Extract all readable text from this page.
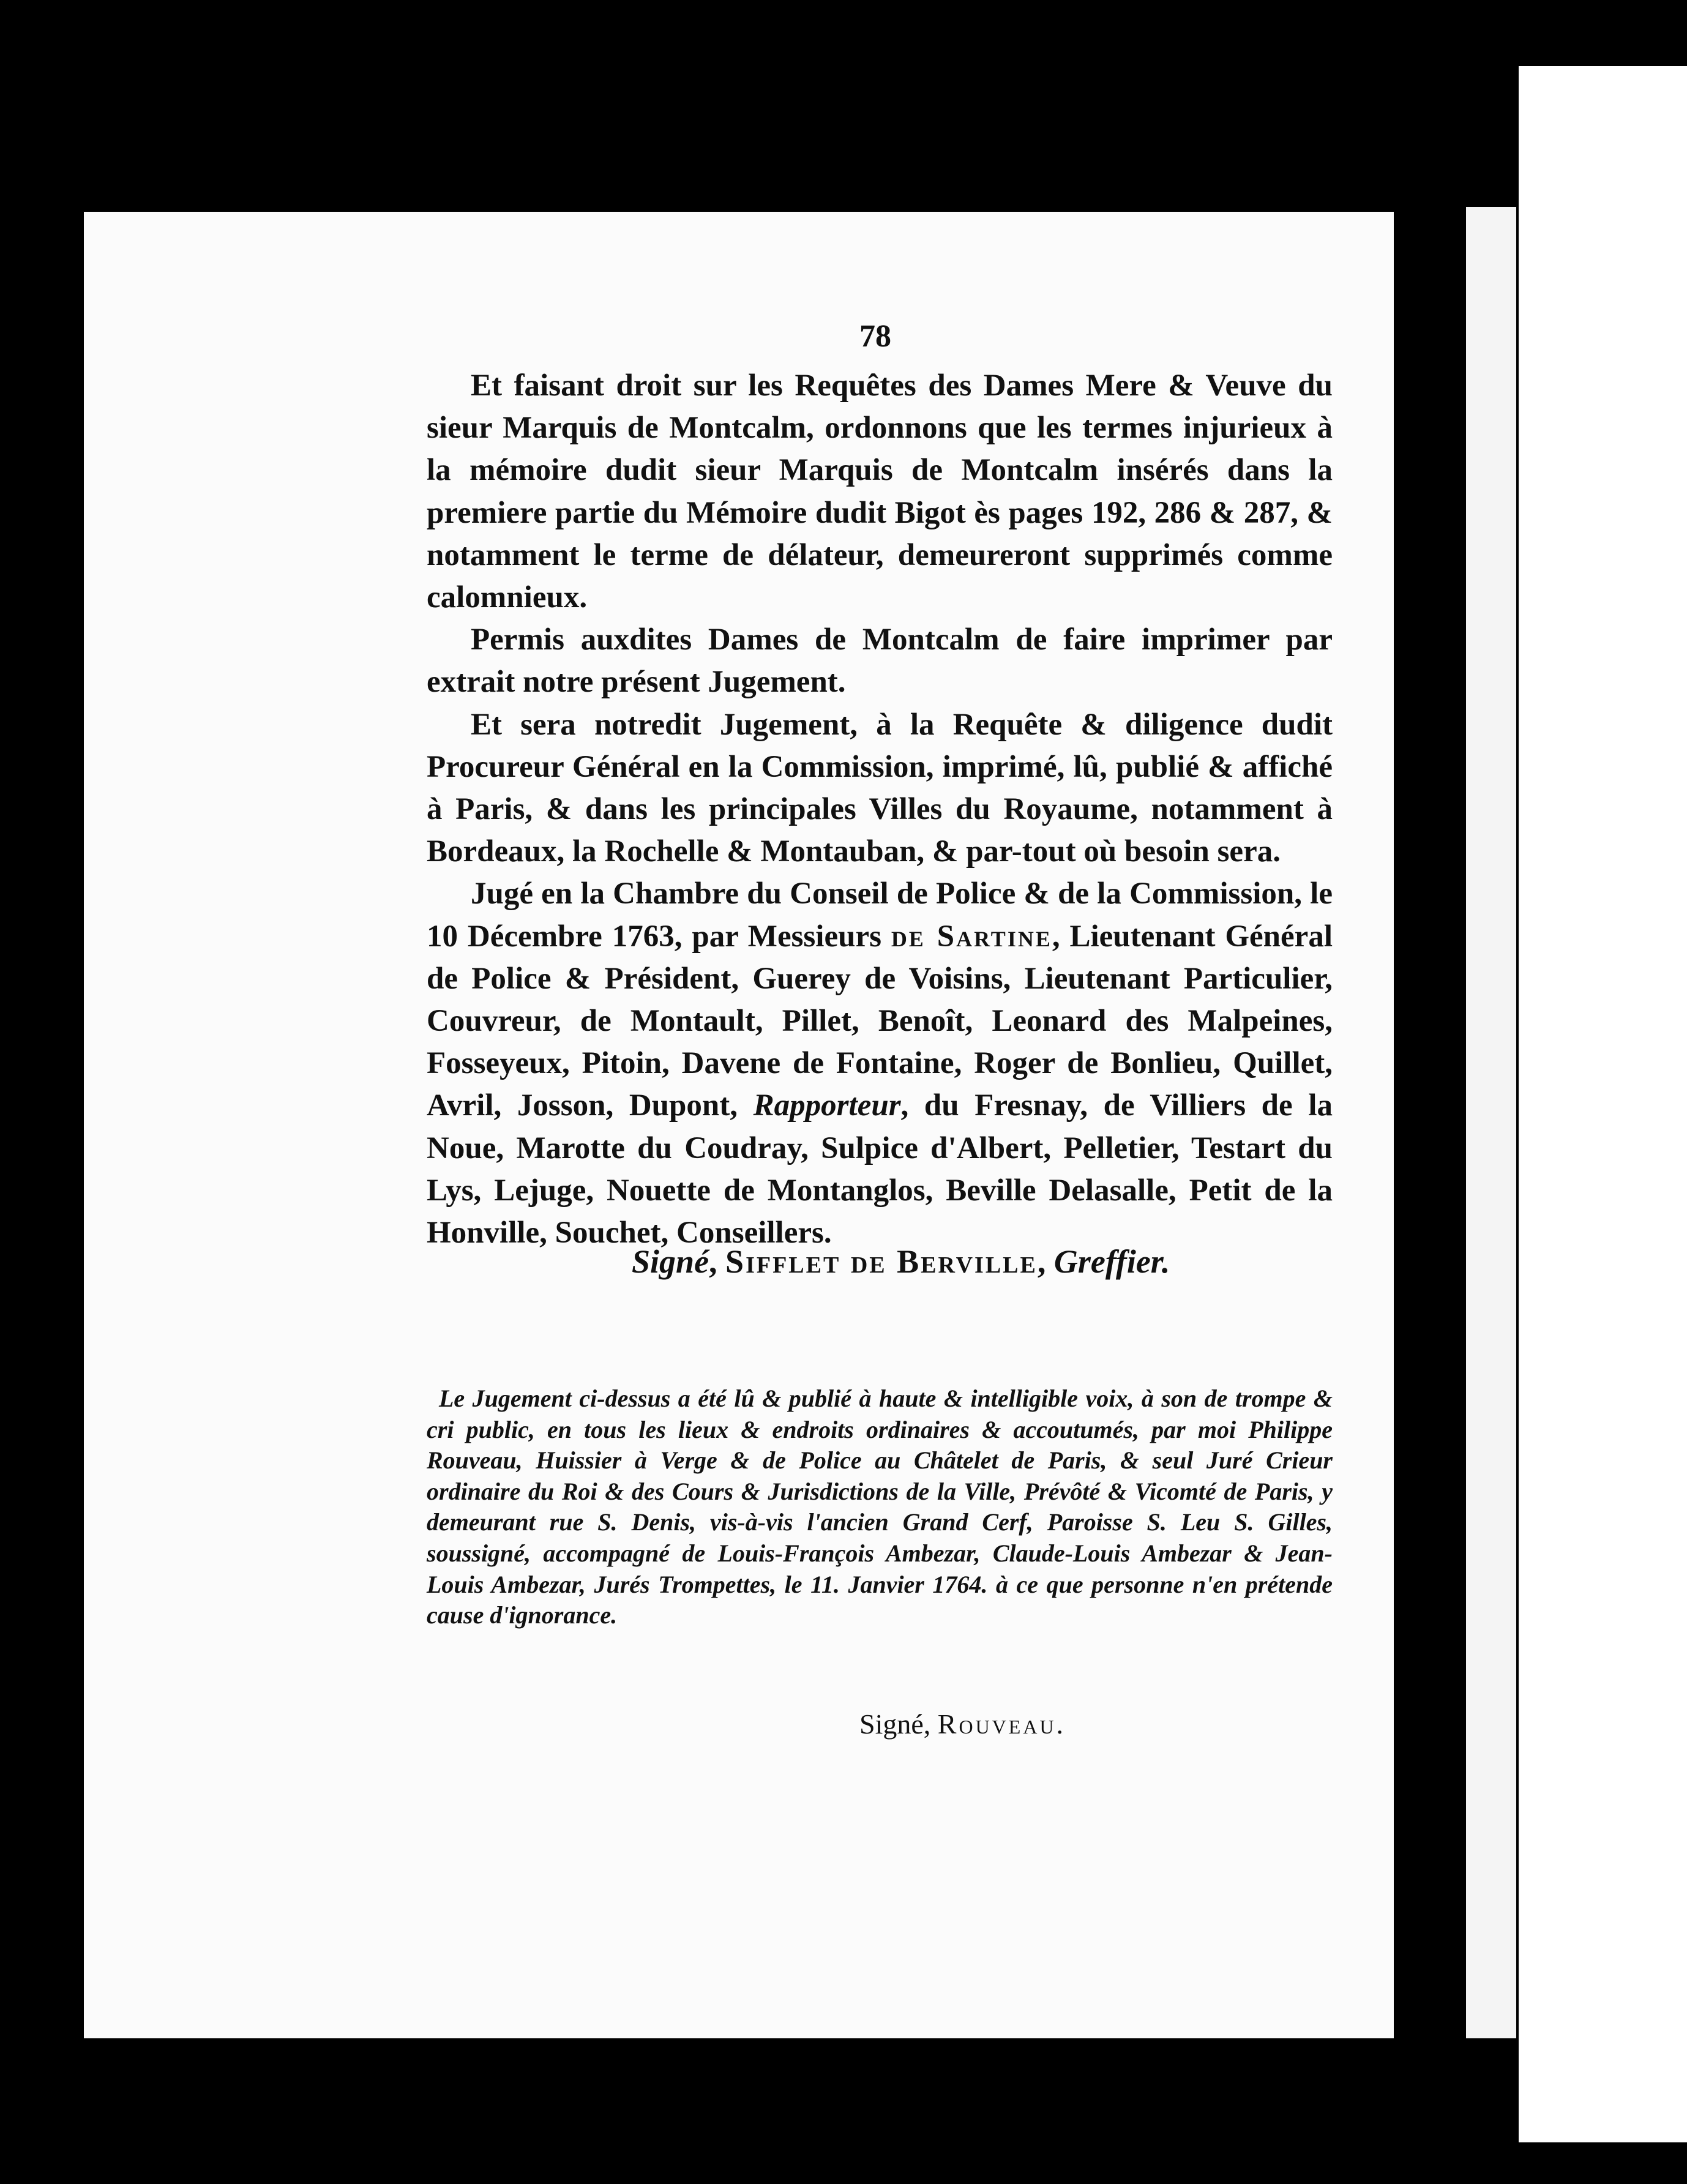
78

Et faisant droit sur les Requêtes des Dames Mere & Veuve du sieur Marquis de Montcalm, ordonnons que les termes injurieux à la mémoire dudit sieur Marquis de Montcalm insérés dans la premiere partie du Mémoire dudit Bigot ès pages 192, 286 & 287, & notamment le terme de délateur, demeureront supprimés comme calomnieux.

Permis auxdites Dames de Montcalm de faire imprimer par extrait notre présent Jugement.

Et sera notredit Jugement, à la Requête & diligence dudit Procureur Général en la Commission, imprimé, lû, publié & affiché à Paris, & dans les principales Villes du Royaume, notamment à Bordeaux, la Rochelle & Montauban, & par-tout où besoin sera.

Jugé en la Chambre du Conseil de Police & de la Commission, le 10 Décembre 1763, par Messieurs de Sartine, Lieutenant Général de Police & Président, Guerey de Voisins, Lieutenant Particulier, Couvreur, de Montault, Pillet, Benoît, Leonard des Malpeines, Fosseyeux, Pitoin, Davene de Fontaine, Roger de Bonlieu, Quillet, Avril, Josson, Dupont, Rapporteur, du Fresnay, de Villiers de la Noue, Marotte du Coudray, Sulpice d'Albert, Pelletier, Testart du Lys, Lejuge, Nouette de Montanglos, Beville Delasalle, Petit de la Honville, Souchet, Conseillers.

Signé, Sifflet de Berville, Greffier.

Le Jugement ci-dessus a été lû & publié à haute & intelligible voix, à son de trompe & cri public, en tous les lieux & endroits ordinaires & accoutumés, par moi Philippe Rouveau, Huissier à Verge & de Police au Châtelet de Paris, & seul Juré Crieur ordinaire du Roi & des Cours & Jurisdictions de la Ville, Prévôté & Vicomté de Paris, y demeurant rue S. Denis, vis-à-vis l'ancien Grand Cerf, Paroisse S. Leu S. Gilles, soussigné, accompagné de Louis-François Ambezar, Claude-Louis Ambezar & Jean-Louis Ambezar, Jurés Trompettes, le 11. Janvier 1764. à ce que personne n'en prétende cause d'ignorance.

Signé, Rouveau.
